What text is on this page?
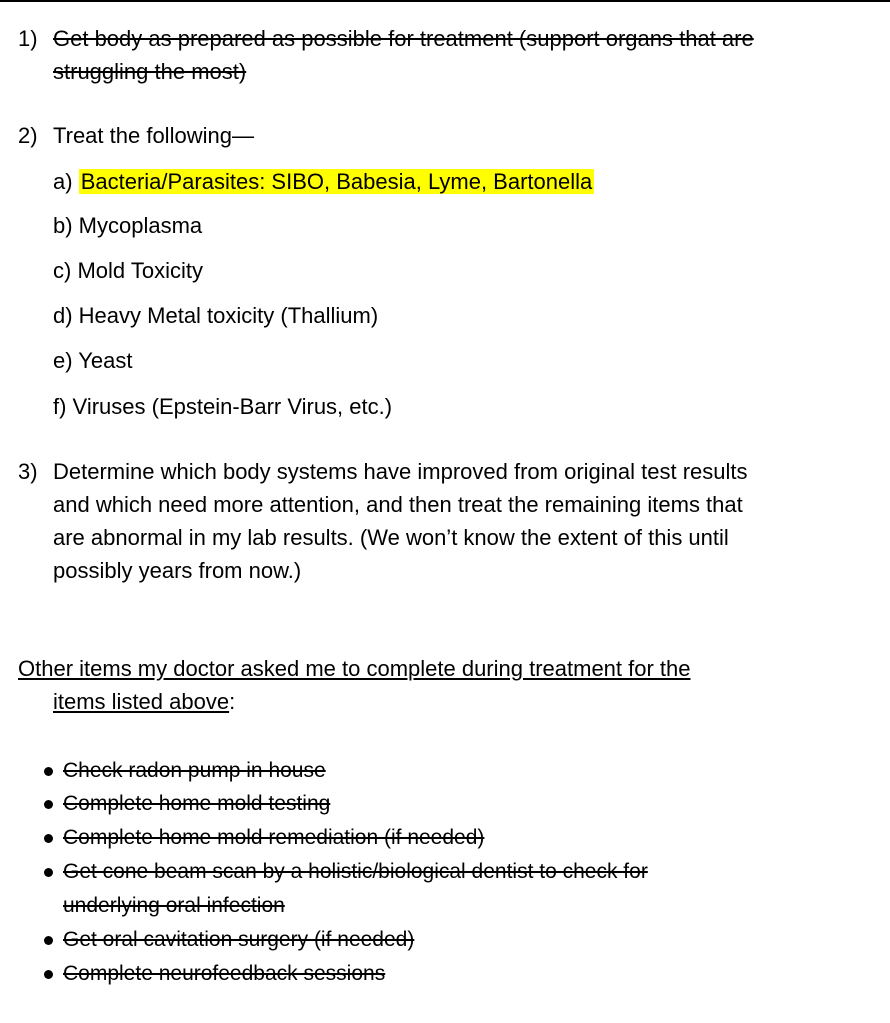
1) Get body as prepared as possible for treatment (support organs that are
struggling the most)
2) Treat the following—
a) Bacteria/Parasites: SIBO, Babesia, Lyme, Bartonella
b) Mycoplasma
c) Mold Toxicity
d) Heavy Metal toxicity (Thallium)
e) Yeast
f) Viruses (Epstein-Barr Virus, etc.)
3) Determine which body systems have improved from original test results
and which need more attention, and then treat the remaining items that
are abnormal in my lab results. (We won’t know the extent of this until
possibly years from now.)
Other items my doctor asked me to complete during treatment for the
items listed above:
Check radon pump in house
Complete home mold testing
Complete home mold remediation (if needed)
Get cone beam scan by a holistic/biological dentist to check for
underlying oral infection
Get oral cavitation surgery (if needed)
Complete neurofeedback sessions
